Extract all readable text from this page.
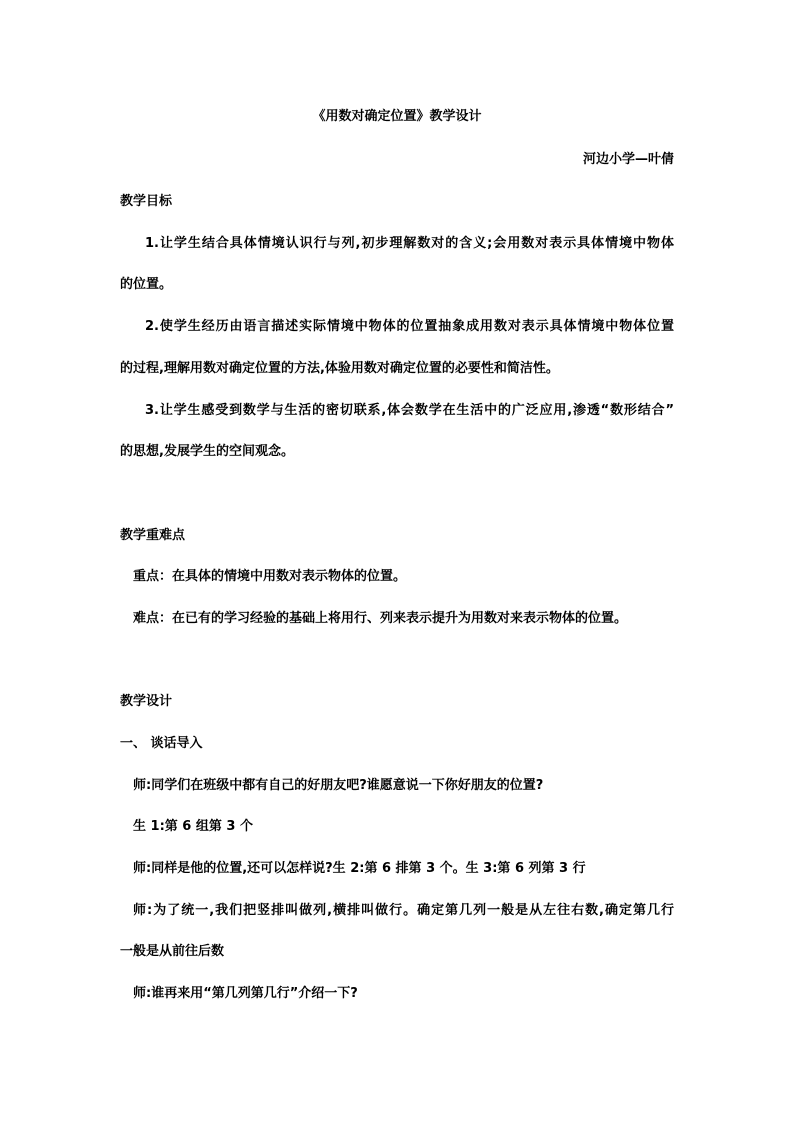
《用数对确定位置》教学设计
河边小学—叶倩
教学目标
1.让学生结合具体情境认识行与列,初步理解数对的含义;会用数对表示具体情境中物体
的位置。
2.使学生经历由语言描述实际情境中物体的位置抽象成用数对表示具体情境中物体位置
的过程,理解用数对确定位置的方法,体验用数对确定位置的必要性和简洁性。
3.让学生感受到数学与生活的密切联系,体会数学在生活中的广泛应用,渗透“数形结合”
的思想,发展学生的空间观念。
教学重难点
重点：在具体的情境中用数对表示物体的位置。
难点：在已有的学习经验的基础上将用行、列来表示提升为用数对来表示物体的位置。
教学设计
一、 谈话导入
师:同学们在班级中都有自己的好朋友吧?谁愿意说一下你好朋友的位置?
生 1:第 6 组第 3 个
师:同样是他的位置,还可以怎样说?生 2:第 6 排第 3 个。生 3:第 6 列第 3 行
师:为了统一,我们把竖排叫做列,横排叫做行。确定第几列一般是从左往右数,确定第几行
一般是从前往后数
师:谁再来用“第几列第几行”介绍一下?
